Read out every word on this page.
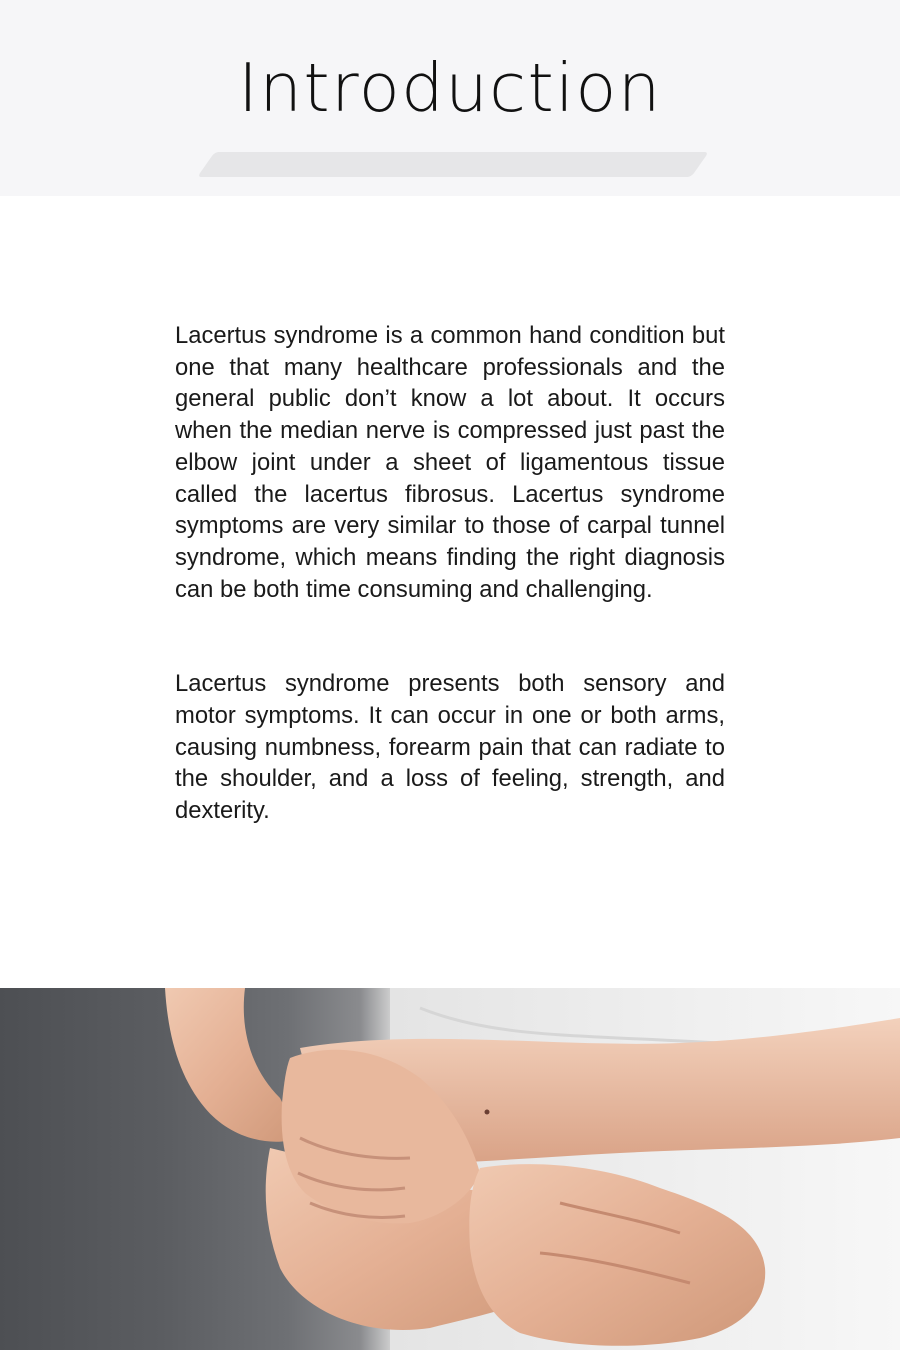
Introduction

Lacertus syndrome is a common hand condition but one that many healthcare professionals and the general public don’t know a lot about. It occurs when the median nerve is compressed just past the elbow joint under a sheet of ligamentous tissue called the lacertus fibrosus. Lacertus syndrome symptoms are very similar to those of carpal tunnel syndrome, which means finding the right diagnosis can be both time consuming and challenging.

Lacertus syndrome presents both sensory and motor symptoms. It can occur in one or both arms, causing numbness, forearm pain that can radiate to the shoulder, and a loss of feeling, strength, and dexterity.
